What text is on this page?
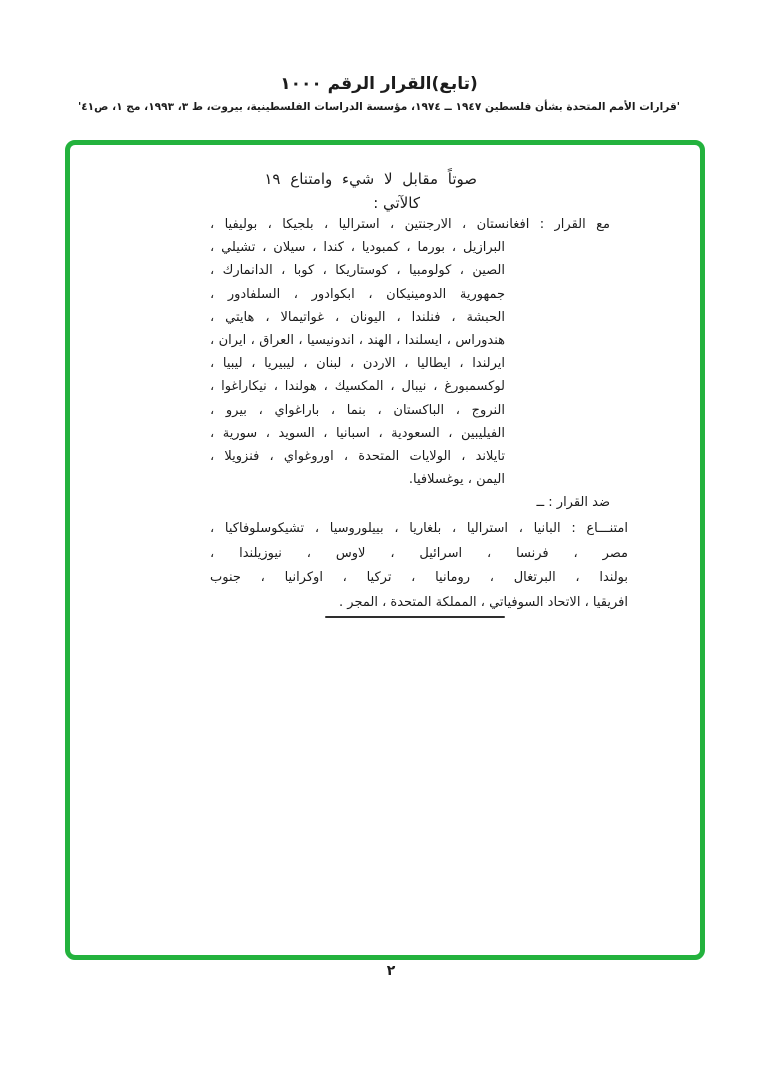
(تابع)القرار الرقم ١٠٠٠
'قرارات الأمم المتحدة بشأن فلسطين ١٩٤٧ ــ ١٩٧٤، مؤسسة الدراسات الفلسطينية، بيروت، ط ٣، ١٩٩٣، مج ١، ص٤١'
صوتاً مقابل لا شيء وامتناع ١٩
كالآتي :
مع القرار : افغانستان ، الارجنتين ، استراليا ، بلجيكا ، بوليفيا ،
البرازيل ، بورما ، كمبوديا ، كندا ، سيلان ، تشيلي ،
الصين ، كولومبيا ، كوستاريكا ، كوبا ، الدانمارك ،
جمهورية الدومينيكان ، ابكوادور ، السلفادور ،
الحبشة ، فنلندا ، اليونان ، غواتيمالا ، هايتي ،
هندوراس ، ايسلندا ، الهند ، اندونيسيا ، العراق ، ايران ،
ايرلندا ، ايطاليا ، الاردن ، لبنان ، ليبيريا ، ليبيا ،
لوكسمبورغ ، نيبال ، المكسيك ، هولندا ، نيكاراغوا ،
النروج ، الباكستان ، بنما ، باراغواي ، بيرو ،
الفيليبين ، السعودية ، اسبانيا ، السويد ، سورية ،
تايلاند ، الولايات المتحدة ، اوروغواي ، فنزويلا ،
اليمن ، يوغسلافيا.
ضد القرار : ــ
امتنـــاع : البانيا ، استراليا ، بلغاريا ، بييلوروسيا ، تشيكوسلوفاكيا ،
مصر ، فرنسا ، اسرائيل ، لاوس ، نيوزيلندا ،
بولندا ، البرتغال ، رومانيا ، تركيا ، اوكرانيا ، جنوب
افريقيا ، الاتحاد السوفياتي ، المملكة المتحدة ، المجر .
٢
